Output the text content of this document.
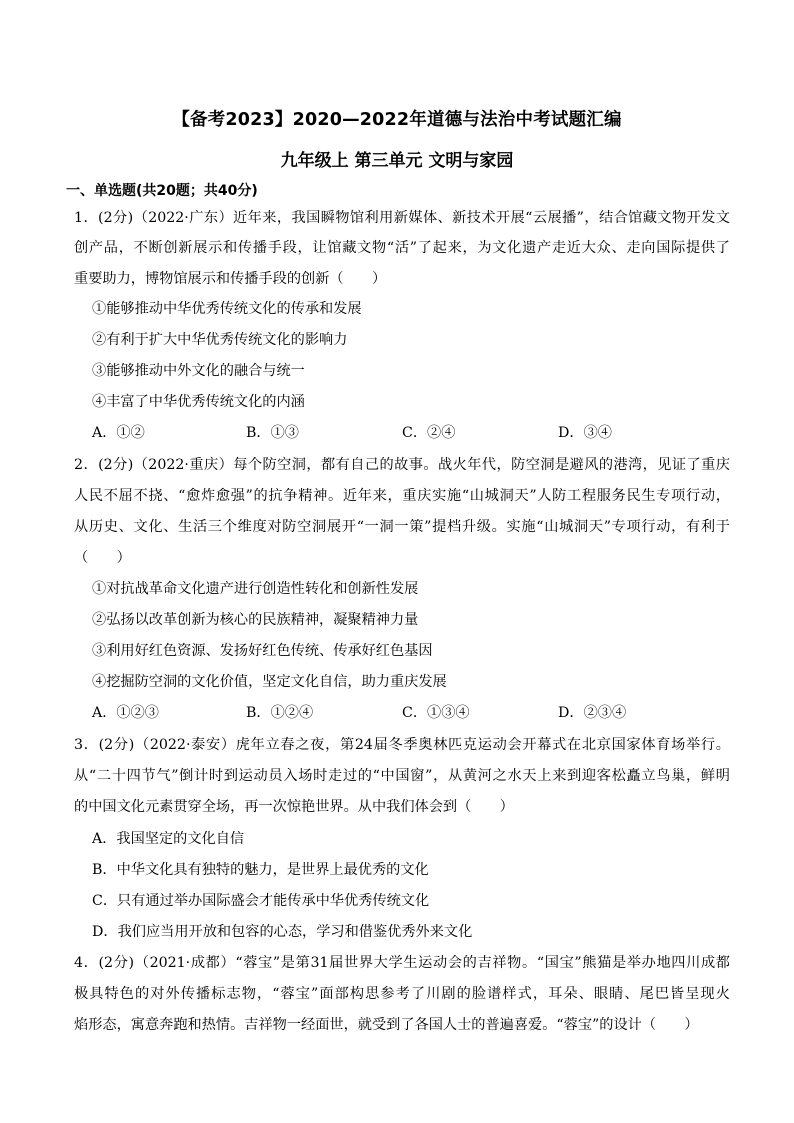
【备考2023】2020—2022年道德与法治中考试题汇编
九年级上 第三单元 文明与家园
一、单选题(共20题；共40分)
1．(2分)（2022·广东）近年来，我国瞬物馆利用新媒体、新技术开展“云展播”，结合馆藏文物开发文
创产品，不断创新展示和传播手段，让馆藏文物“活”了起来，为文化遗产走近大众、走向国际提供了
重要助力，博物馆展示和传播手段的创新（　　）
①能够推动中华优秀传统文化的传承和发展
②有利于扩大中华优秀传统文化的影响力
③能够推动中外文化的融合与统一
④丰富了中华优秀传统文化的内涵
A．①②	B．①③	C．②④	D．③④
2．(2分)（2022·重庆）每个防空洞，都有自己的故事。战火年代，防空洞是避风的港湾，见证了重庆
人民不屈不挠、“愈炸愈强”的抗争精神。近年来，重庆实施“山城洞天”人防工程服务民生专项行动，
从历史、文化、生活三个维度对防空洞展开“一洞一策”提档升级。实施“山城洞天”专项行动，有利于
（　　）
①对抗战革命文化遗产进行创造性转化和创新性发展
②弘扬以改革创新为核心的民族精神，凝聚精神力量
③利用好红色资源、发扬好红色传统、传承好红色基因
④挖掘防空洞的文化价值，坚定文化自信，助力重庆发展
A．①②③	B．①②④	C．①③④	D．②③④
3．(2分)（2022·泰安）虎年立春之夜，第24届冬季奥林匹克运动会开幕式在北京国家体育场举行。
从“二十四节气”倒计时到运动员入场时走过的“中国窗”，从黄河之水天上来到迎客松矗立鸟巢，鲜明
的中国文化元素贯穿全场，再一次惊艳世界。从中我们体会到（　　）
A．我国坚定的文化自信
B．中华文化具有独特的魅力，是世界上最优秀的文化
C．只有通过举办国际盛会才能传承中华优秀传统文化
D．我们应当用开放和包容的心态，学习和借鉴优秀外来文化
4．(2分)（2021·成都）“蓉宝”是第31届世界大学生运动会的吉祥物。“国宝”熊猫是举办地四川成都
极具特色的对外传播标志物，“蓉宝”面部构思参考了川剧的脸谱样式，耳朵、眼睛、尾巴皆呈现火
焰形态，寓意奔跑和热情。吉祥物一经面世，就受到了各国人士的普遍喜爱。“蓉宝”的设计（　　）
